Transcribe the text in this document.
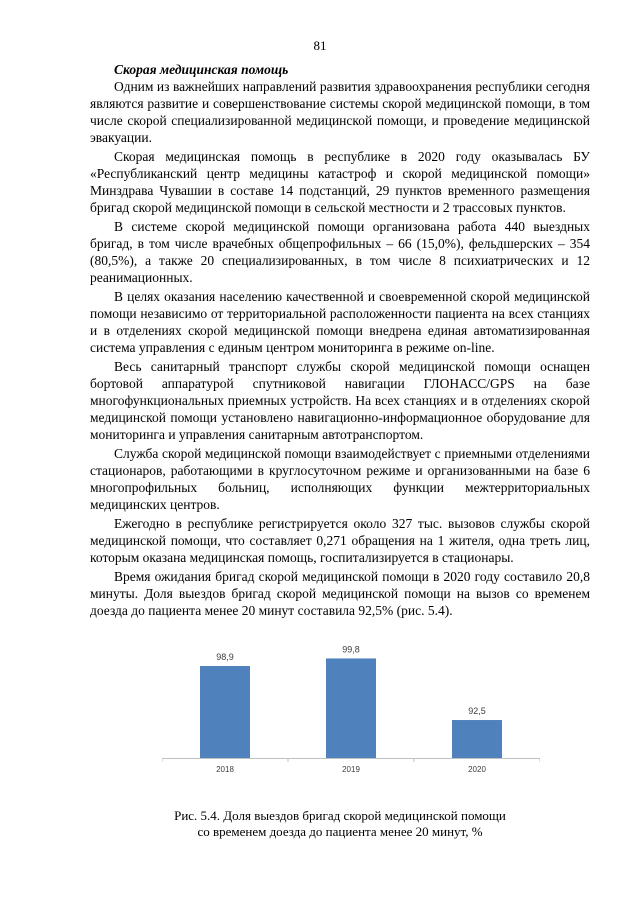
81

Скорая медицинская помощь

Одним из важнейших направлений развития здравоохранения республики сегодня являются развитие и совершенствование системы скорой медицинской помощи, в том числе скорой специализированной медицинской помощи, и проведение медицинской эвакуации.

Скорая медицинская помощь в республике в 2020 году оказывалась БУ «Республиканский центр медицины катастроф и скорой медицинской помощи» Минздрава Чувашии в составе 14 подстанций, 29 пунктов временного размещения бригад скорой медицинской помощи в сельской местности и 2 трассовых пунктов.

В системе скорой медицинской помощи организована работа 440 выездных бригад, в том числе врачебных общепрофильных – 66 (15,0%), фельдшерских – 354 (80,5%), а также 20 специализированных, в том числе 8 психиатрических и 12 реанимационных.

В целях оказания населению качественной и своевременной скорой медицинской помощи независимо от территориальной расположенности пациента на всех станциях и в отделениях скорой медицинской помощи внедрена единая автоматизированная система управления с единым центром мониторинга в режиме on-line.

Весь санитарный транспорт службы скорой медицинской помощи оснащен бортовой аппаратурой спутниковой навигации ГЛОНАСС/GPS на базе многофункциональных приемных устройств. На всех станциях и в отделениях скорой медицинской помощи установлено навигационно-информационное оборудование для мониторинга и управления санитарным автотранспортом.

Служба скорой медицинской помощи взаимодействует с приемными отделениями стационаров, работающими в круглосуточном режиме и организованными на базе 6 многопрофильных больниц, исполняющих функции межтерриториальных медицинских центров.

Ежегодно в республике регистрируется около 327 тыс. вызовов службы скорой медицинской помощи, что составляет 0,271 обращения на 1 жителя, одна треть лиц, которым оказана медицинская помощь, госпитализируется в стационары.

Время ожидания бригад скорой медицинской помощи в 2020 году составило 20,8 минуты. Доля выездов бригад скорой медицинской помощи на вызов со временем доезда до пациента менее 20 минут составила 92,5% (рис. 5.4).

98,9
2018
99,8
2019
92,5
2020
Рис. 5.4. Доля выездов бригад скорой медицинской помощи
со временем доезда до пациента менее 20 минут, %
